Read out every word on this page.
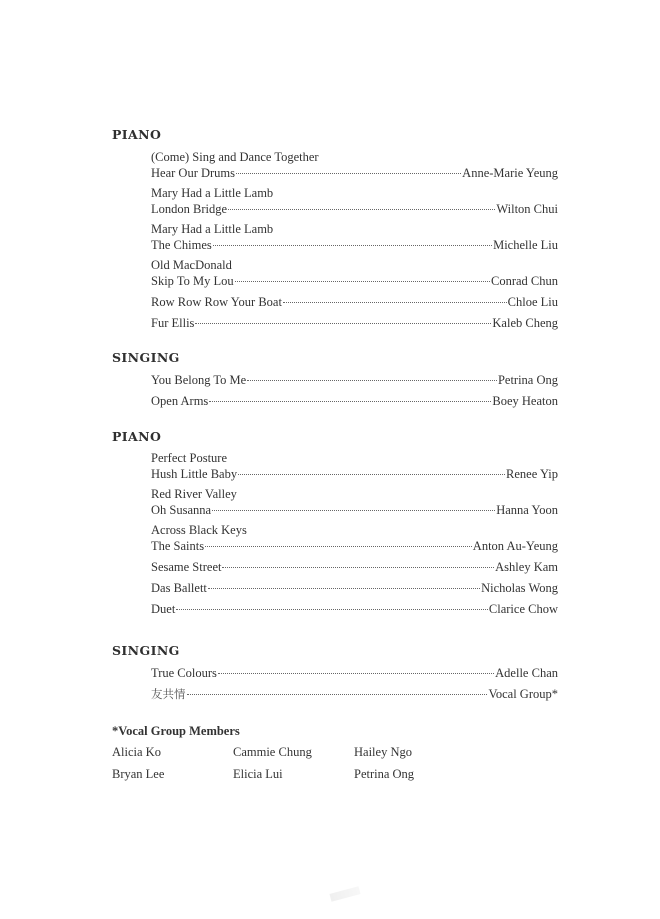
PIANO
(Come) Sing and Dance Together
Hear Our Drums	Anne-Marie Yeung
Mary Had a Little Lamb
London Bridge	Wilton Chui
Mary Had a Little Lamb
The Chimes	Michelle Liu
Old MacDonald
Skip To My Lou	Conrad Chun
Row Row Row Your Boat	Chloe Liu
Fur Ellis	Kaleb Cheng
SINGING
You Belong To Me	Petrina Ong
Open Arms	Boey Heaton
PIANO
Perfect Posture
Hush Little Baby	Renee Yip
Red River Valley
Oh Susanna	Hanna Yoon
Across Black Keys
The Saints	Anton Au-Yeung
Sesame Street	Ashley Kam
Das Ballett	Nicholas Wong
Duet	Clarice Chow
SINGING
True Colours	Adelle Chan
友共情	Vocal Group*
*Vocal Group Members
Alicia Ko	Cammie Chung	Hailey Ngo
Bryan Lee	Elicia Lui	Petrina Ong
